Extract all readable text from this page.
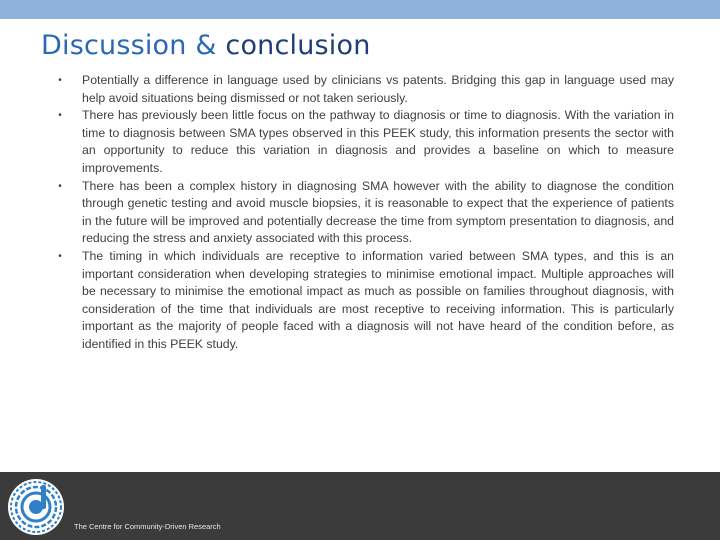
Discussion & conclusion
• Potentially a difference in language used by clinicians vs patents. Bridging this gap in language used may help avoid situations being dismissed or not taken seriously.
• There has previously been little focus on the pathway to diagnosis or time to diagnosis. With the variation in time to diagnosis between SMA types observed in this PEEK study, this information presents the sector with an opportunity to reduce this variation in diagnosis and provides a baseline on which to measure improvements.
• There has been a complex history in diagnosing SMA however with the ability to diagnose the condition through genetic testing and avoid muscle biopsies, it is reasonable to expect that the experience of patients in the future will be improved and potentially decrease the time from symptom presentation to diagnosis, and reducing the stress and anxiety associated with this process.
• The timing in which individuals are receptive to information varied between SMA types, and this is an important consideration when developing strategies to minimise emotional impact. Multiple approaches will be necessary to minimise the emotional impact as much as possible on families throughout diagnosis, with consideration of the time that individuals are most receptive to receiving information. This is particularly important as the majority of people faced with a diagnosis will not have heard of the condition before, as identified in this PEEK study.
The Centre for Community-Driven Research
